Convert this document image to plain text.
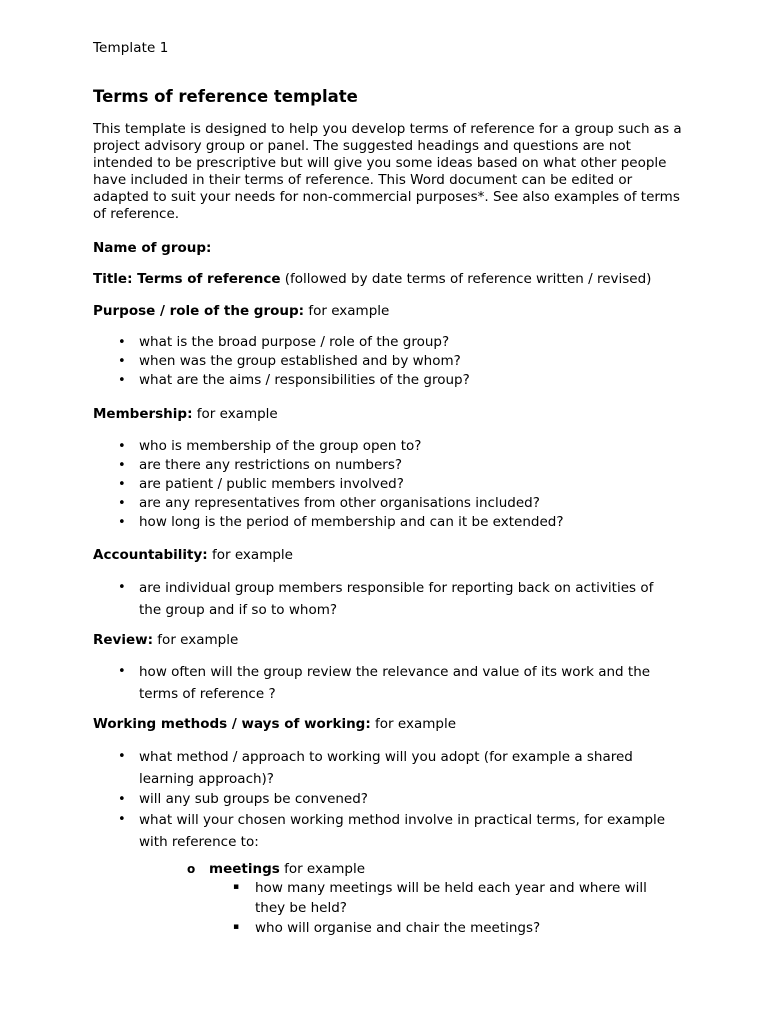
Template 1
Terms of reference template

This template is designed to help you develop terms of reference for a group such as a project advisory group or panel. The suggested headings and questions are not intended to be prescriptive but will give you some ideas based on what other people have included in their terms of reference. This Word document can be edited or adapted to suit your needs for non-commercial purposes*. See also examples of terms of reference.

Name of group:

Title: Terms of reference (followed by date terms of reference written / revised)

Purpose / role of the group: for example

• what is the broad purpose / role of the group?
• when was the group established and by whom?
• what are the aims / responsibilities of the group?

Membership: for example

• who is membership of the group open to?
• are there any restrictions on numbers?
• are patient / public members involved?
• are any representatives from other organisations included?
• how long is the period of membership and can it be extended?

Accountability: for example

• are individual group members responsible for reporting back on activities of the group and if so to whom?

Review: for example

• how often will the group review the relevance and value of its work and the terms of reference ?

Working methods / ways of working: for example

• what method / approach to working will you adopt (for example a shared learning approach)?
• will any sub groups be convened?
• what will your chosen working method involve in practical terms, for example with reference to:
o meetings for example
▪ how many meetings will be held each year and where will they be held?
▪ who will organise and chair the meetings?
